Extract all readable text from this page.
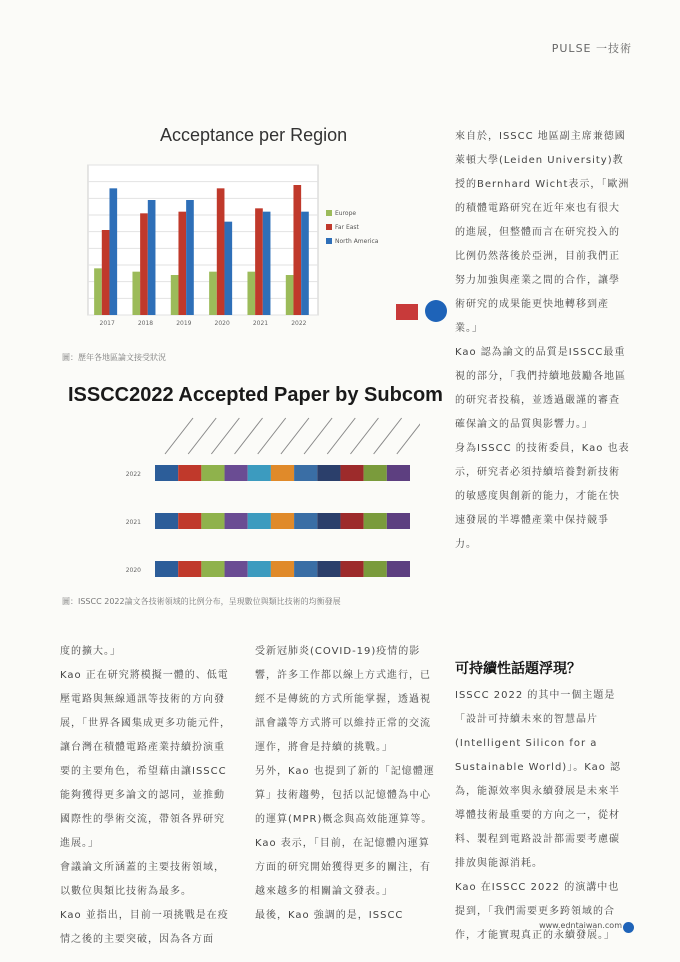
PULSE 一技術
Acceptance per Region
2017	2018	2019	2020	2021	2022
Europe
Far East
North America
圖：歷年各地區論文接受狀況
ISSCC2022 Accepted Paper by Subcom
2022
2021
2020
圖：ISSCC 2022論文各技術領域的比例分布，呈現數位與類比技術的均衡發展

度的擴大。」

Kao 正在研究將模擬一體的、低電壓電路與無線通訊等技術的方向發展，「世界各國集成更多功能元件，讓台灣在積體電路產業持續扮演重要的主要角色，希望藉由讓ISSCC 能夠獲得更多論文的認同，並推動國際性的學術交流，帶領各界研究進展。」

會議論文所涵蓋的主要技術領域，以數位與類比技術為最多。

Kao 並指出，目前一項挑戰是在疫情之後的主要突破，因為各方面

受新冠肺炎(COVID-19)疫情的影響，許多工作都以線上方式進行，已經不是傳統的方式所能掌握，透過視訊會議等方式將可以維持正常的交流運作，將會是持續的挑戰。」

另外，Kao 也提到了新的「記憶體運算」技術趨勢，包括以記憶體為中心的運算(MPR)概念與高效能運算等。Kao 表示，「目前，在記憶體內運算方面的研究開始獲得更多的關注，有越來越多的相關論文發表。」

最後，Kao 強調的是，ISSCC

來自於，ISSCC 地區副主席兼德國萊頓大學(Leiden University)教授的Bernhard Wicht表示，「歐洲的積體電路研究在近年來也有很大的進展，但整體而言在研究投入的比例仍然落後於亞洲，目前我們正努力加強與產業之間的合作，讓學術研究的成果能更快地轉移到產業。」

Kao 認為論文的品質是ISSCC最重視的部分，「我們持續地鼓勵各地區的研究者投稿，並透過嚴謹的審查確保論文的品質與影響力。」

身為ISSCC 的技術委員，Kao 也表示，研究者必須持續培養對新技術的敏感度與創新的能力，才能在快速發展的半導體產業中保持競爭力。

可持續性話題浮現？

ISSCC 2022 的其中一個主題是「設計可持續未來的智慧晶片(Intelligent Silicon for a Sustainable World)」。Kao 認為，能源效率與永續發展是未來半導體技術最重要的方向之一，從材料、製程到電路設計都需要考慮碳排放與能源消耗。

Kao 在ISSCC 2022 的演講中也提到，「我們需要更多跨領域的合作，才能實現真正的永續發展。」

www.edntaiwan.com
